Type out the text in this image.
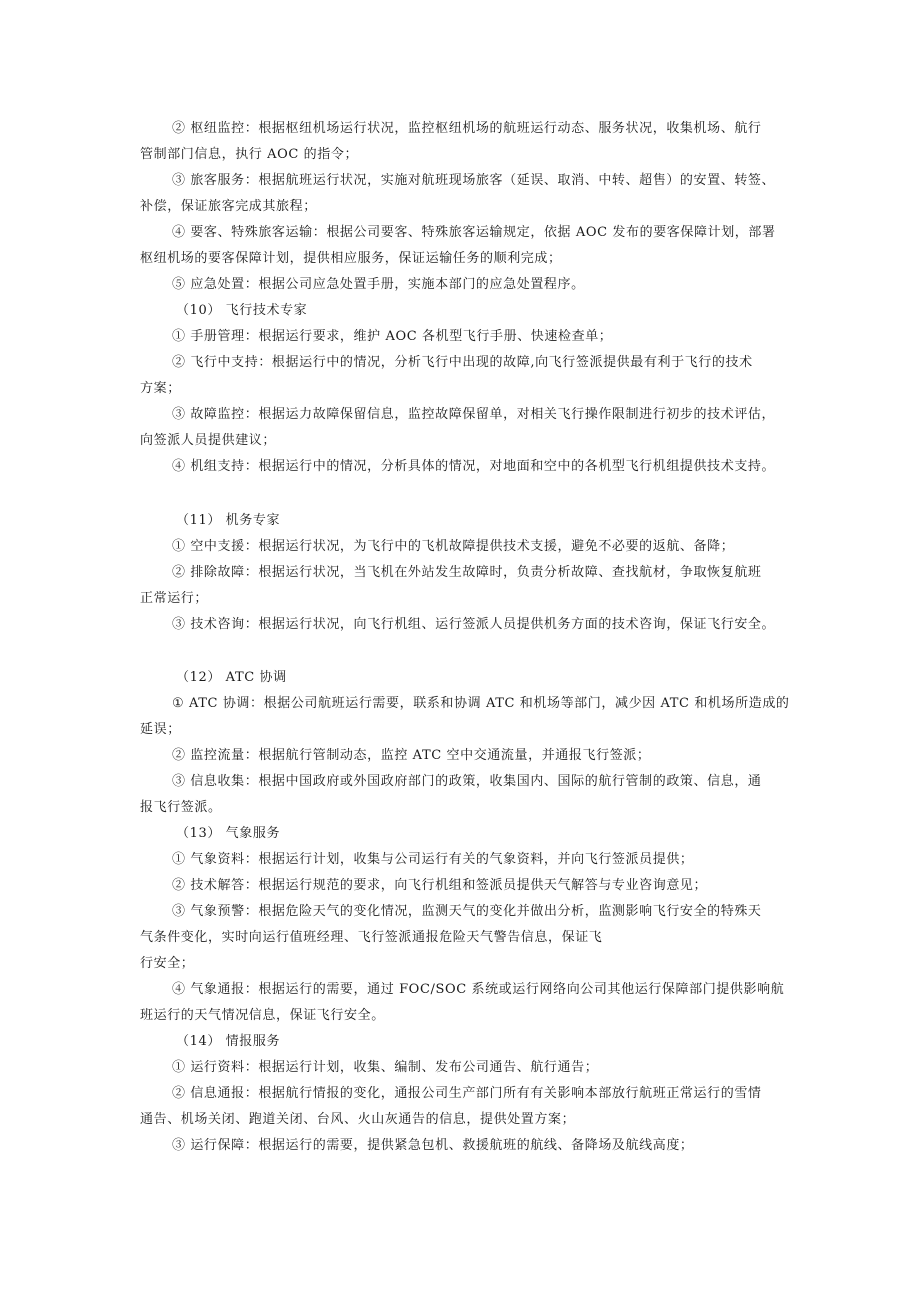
② 枢纽监控：根据枢纽机场运行状况，监控枢纽机场的航班运行动态、服务状况，收集机场、航行
管制部门信息，执行 AOC 的指令；
③ 旅客服务：根据航班运行状况，实施对航班现场旅客（延误、取消、中转、超售）的安置、转签、
补偿，保证旅客完成其旅程；
④ 要客、特殊旅客运输：根据公司要客、特殊旅客运输规定，依据 AOC 发布的要客保障计划，部署
枢纽机场的要客保障计划，提供相应服务，保证运输任务的顺利完成；
⑤ 应急处置：根据公司应急处置手册，实施本部门的应急处置程序。
（10） 飞行技术专家
① 手册管理：根据运行要求，维护 AOC 各机型飞行手册、快速检查单；
② 飞行中支持：根据运行中的情况，分析飞行中出现的故障,向飞行签派提供最有利于飞行的技术
方案；
③ 故障监控：根据运力故障保留信息，监控故障保留单，对相关飞行操作限制进行初步的技术评估，
向签派人员提供建议；
④ 机组支持：根据运行中的情况，分析具体的情况，对地面和空中的各机型飞行机组提供技术支持。
（11） 机务专家
① 空中支援：根据运行状况，为飞行中的飞机故障提供技术支援，避免不必要的返航、备降；
② 排除故障：根据运行状况，当飞机在外站发生故障时，负责分析故障、查找航材，争取恢复航班
正常运行；
③ 技术咨询：根据运行状况，向飞行机组、运行签派人员提供机务方面的技术咨询，保证飞行安全。
（12） ATC 协调
① ATC 协调：根据公司航班运行需要，联系和协调 ATC 和机场等部门，减少因 ATC 和机场所造成的
延误；
② 监控流量：根据航行管制动态，监控 ATC 空中交通流量，并通报飞行签派；
③ 信息收集：根据中国政府或外国政府部门的政策，收集国内、国际的航行管制的政策、信息，通
报飞行签派。
（13） 气象服务
① 气象资料：根据运行计划，收集与公司运行有关的气象资料，并向飞行签派员提供；
② 技术解答：根据运行规范的要求，向飞行机组和签派员提供天气解答与专业咨询意见；
③ 气象预警：根据危险天气的变化情况，监测天气的变化并做出分析，监测影响飞行安全的特殊天
气条件变化，实时向运行值班经理、飞行签派通报危险天气警告信息，保证飞
行安全；
④ 气象通报：根据运行的需要，通过 FOC/SOC 系统或运行网络向公司其他运行保障部门提供影响航
班运行的天气情况信息，保证飞行安全。
（14） 情报服务
① 运行资料：根据运行计划，收集、编制、发布公司通告、航行通告；
② 信息通报：根据航行情报的变化，通报公司生产部门所有有关影响本部放行航班正常运行的雪情
通告、机场关闭、跑道关闭、台风、火山灰通告的信息，提供处置方案；
③ 运行保障：根据运行的需要，提供紧急包机、救援航班的航线、备降场及航线高度；
